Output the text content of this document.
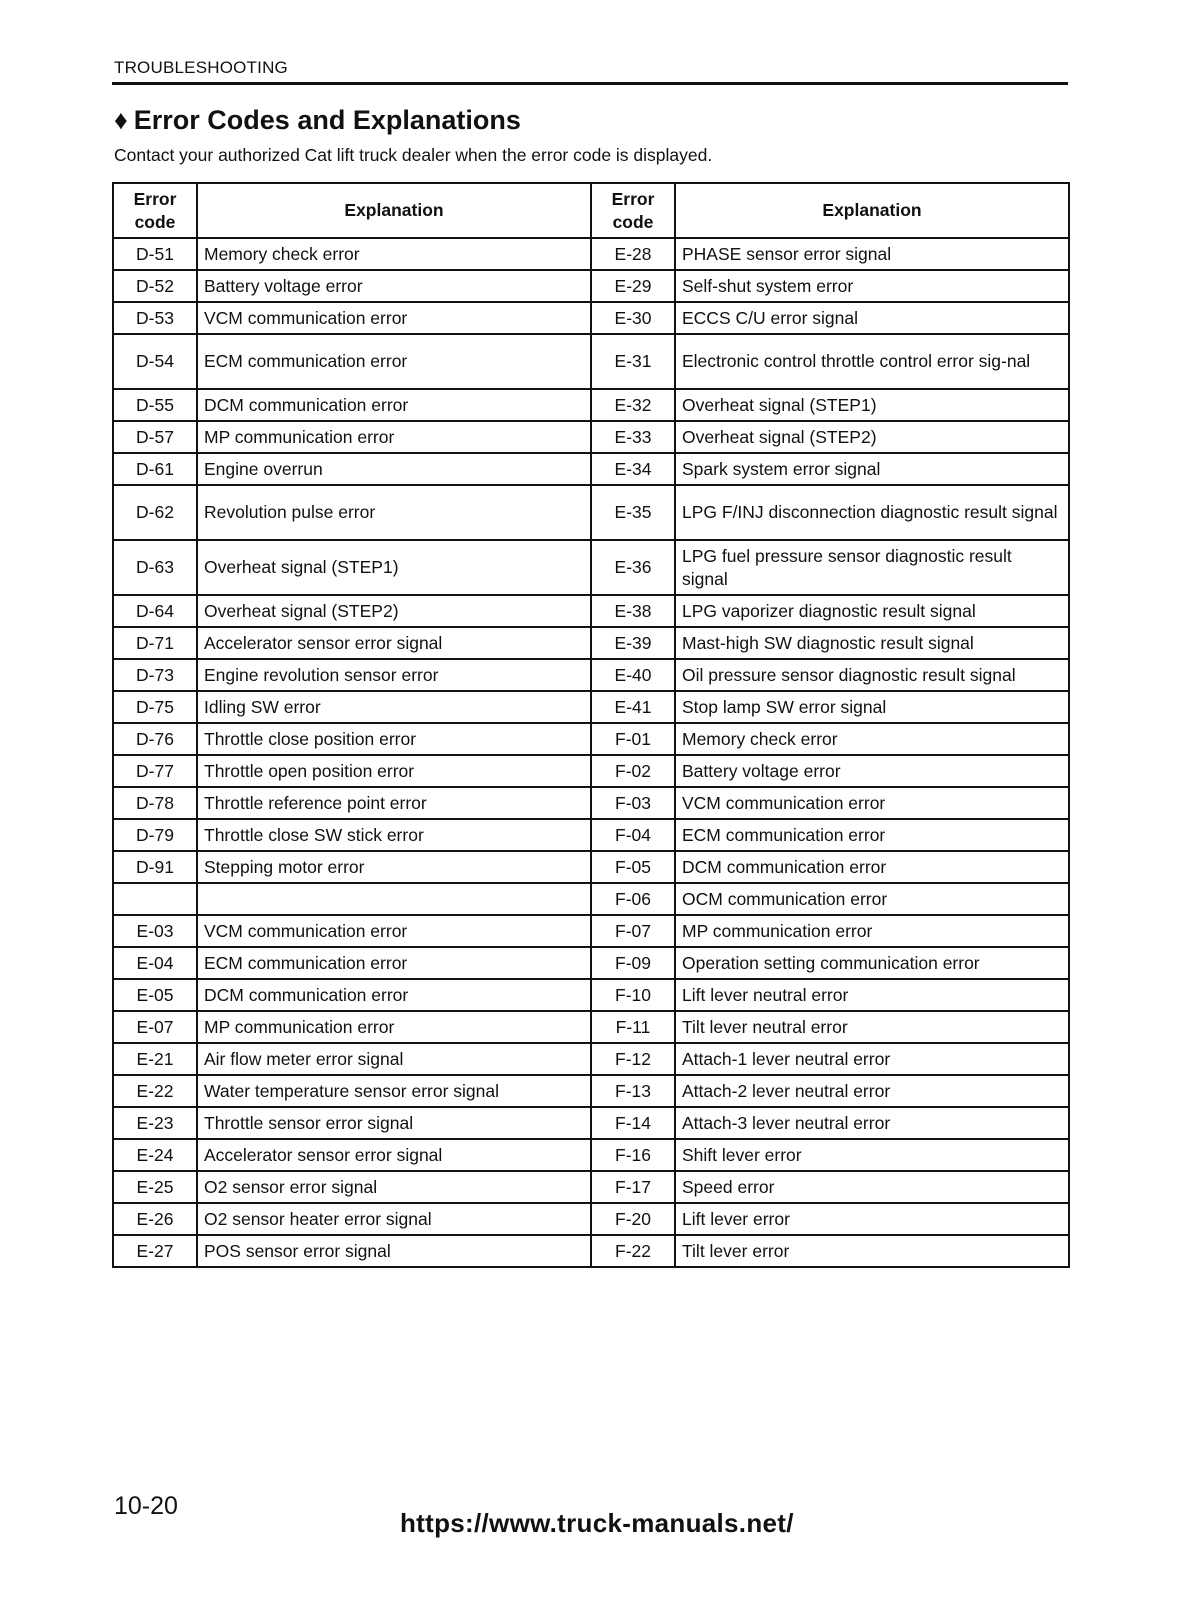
TROUBLESHOOTING
♦ Error Codes and Explanations
Contact your authorized Cat lift truck dealer when the error code is displayed.
Error code	Explanation	Error code	Explanation
D-51	Memory check error	E-28	PHASE sensor error signal
D-52	Battery voltage error	E-29	Self-shut system error
D-53	VCM communication error	E-30	ECCS C/U error signal
D-54	ECM communication error	E-31	Electronic control throttle control error sig-nal
D-55	DCM communication error	E-32	Overheat signal (STEP1)
D-57	MP communication error	E-33	Overheat signal (STEP2)
D-61	Engine overrun	E-34	Spark system error signal
D-62	Revolution pulse error	E-35	LPG F/INJ disconnection diagnostic result signal
D-63	Overheat signal (STEP1)	E-36	LPG fuel pressure sensor diagnostic result signal
D-64	Overheat signal (STEP2)	E-38	LPG vaporizer diagnostic result signal
D-71	Accelerator sensor error signal	E-39	Mast-high SW diagnostic result signal
D-73	Engine revolution sensor error	E-40	Oil pressure sensor diagnostic result signal
D-75	Idling SW error	E-41	Stop lamp SW error signal
D-76	Throttle close position error	F-01	Memory check error
D-77	Throttle open position error	F-02	Battery voltage error
D-78	Throttle reference point error	F-03	VCM communication error
D-79	Throttle close SW stick error	F-04	ECM communication error
D-91	Stepping motor error	F-05	DCM communication error
		F-06	OCM communication error
E-03	VCM communication error	F-07	MP communication error
E-04	ECM communication error	F-09	Operation setting communication error
E-05	DCM communication error	F-10	Lift lever neutral error
E-07	MP communication error	F-11	Tilt lever neutral error
E-21	Air flow meter error signal	F-12	Attach-1 lever neutral error
E-22	Water temperature sensor error signal	F-13	Attach-2 lever neutral error
E-23	Throttle sensor error signal	F-14	Attach-3 lever neutral error
E-24	Accelerator sensor error signal	F-16	Shift lever error
E-25	O2 sensor error signal	F-17	Speed error
E-26	O2 sensor heater error signal	F-20	Lift lever error
E-27	POS sensor error signal	F-22	Tilt lever error
10-20
https://www.truck-manuals.net/
